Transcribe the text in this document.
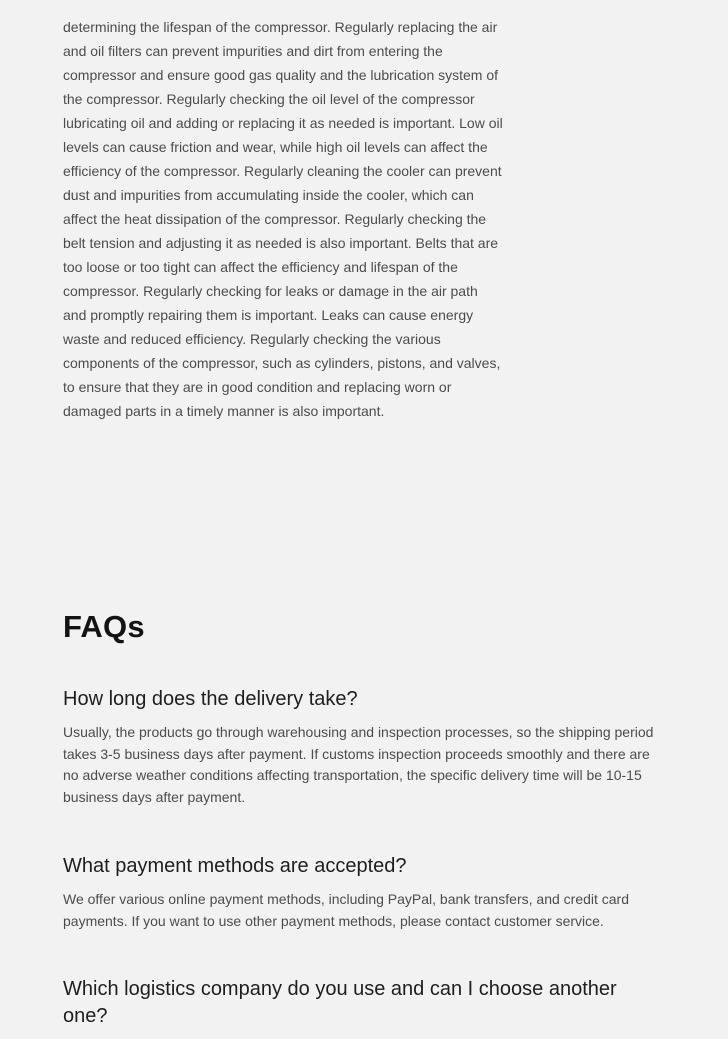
determining the lifespan of the compressor. Regularly replacing the air and oil filters can prevent impurities and dirt from entering the compressor and ensure good gas quality and the lubrication system of the compressor. Regularly checking the oil level of the compressor lubricating oil and adding or replacing it as needed is important. Low oil levels can cause friction and wear, while high oil levels can affect the efficiency of the compressor. Regularly cleaning the cooler can prevent dust and impurities from accumulating inside the cooler, which can affect the heat dissipation of the compressor. Regularly checking the belt tension and adjusting it as needed is also important. Belts that are too loose or too tight can affect the efficiency and lifespan of the compressor. Regularly checking for leaks or damage in the air path and promptly repairing them is important. Leaks can cause energy waste and reduced efficiency. Regularly checking the various components of the compressor, such as cylinders, pistons, and valves, to ensure that they are in good condition and replacing worn or damaged parts in a timely manner is also important.

FAQs
How long does the delivery take?

Usually, the products go through warehousing and inspection processes, so the shipping period takes 3-5 business days after payment. If customs inspection proceeds smoothly and there are no adverse weather conditions affecting transportation, the specific delivery time will be 10-15 business days after payment.

What payment methods are accepted?

We offer various online payment methods, including PayPal, bank transfers, and credit card payments. If you want to use other payment methods, please contact customer service.

Which logistics company do you use and can I choose another one?
